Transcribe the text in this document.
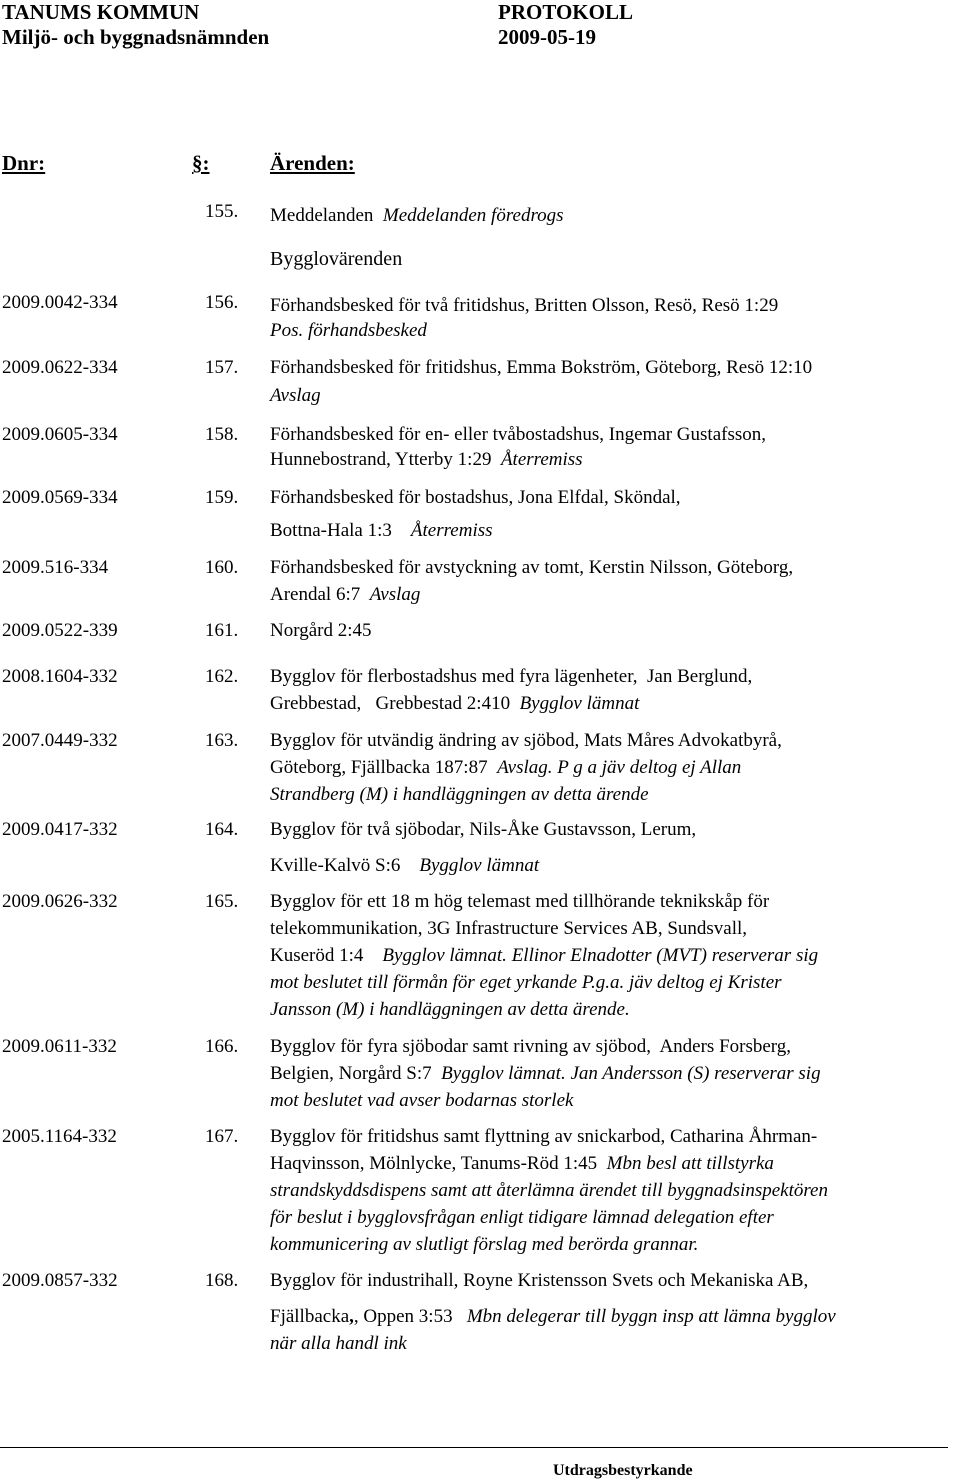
TANUMS KOMMUN
Miljö- och byggnadsnämnden
PROTOKOLL
2009-05-19
Dnr:	§:	Ärenden:
155. Meddelanden Meddelanden föredrogs
Bygglovärenden
2009.0042-334	156. Förhandsbesked för två fritidshus, Britten Olsson, Resö, Resö 1:29
Pos. förhandsbesked
2009.0622-334	157. Förhandsbesked för fritidshus, Emma Bokström, Göteborg, Resö 12:10
Avslag
2009.0605-334	158. Förhandsbesked för en- eller tvåbostadshus, Ingemar Gustafsson,
Hunnebostrand, Ytterby 1:29 Återremiss
2009.0569-334	159. Förhandsbesked för bostadshus, Jona Elfdal, Sköndal,
Bottna-Hala 1:3 Återremiss
2009.516-334	160. Förhandsbesked för avstyckning av tomt, Kerstin Nilsson, Göteborg,
Arendal 6:7 Avslag
2009.0522-339	161. Norgård 2:45
2008.1604-332	162. Bygglov för flerbostadshus med fyra lägenheter,  Jan Berglund,
Grebbestad,   Grebbestad 2:410 Bygglov lämnat
2007.0449-332	163. Bygglov för utvändig ändring av sjöbod, Mats Måres Advokatbyrå,
Göteborg, Fjällbacka 187:87 Avslag. P g a jäv deltog ej Allan
Strandberg (M) i handläggningen av detta ärende
2009.0417-332	164. Bygglov för två sjöbodar, Nils-Åke Gustavsson, Lerum,
Kville-Kalvö S:6 Bygglov lämnat
2009.0626-332	165. Bygglov för ett 18 m hög telemast med tillhörande teknikskåp för
telekommunikation, 3G Infrastructure Services AB, Sundsvall,
Kuseröd 1:4 Bygglov lämnat. Ellinor Elnadotter (MVT) reserverar sig
mot beslutet till förmån för eget yrkande P.g.a. jäv deltog ej Krister
Jansson (M) i handläggningen av detta ärende.
2009.0611-332	166. Bygglov för fyra sjöbodar samt rivning av sjöbod,  Anders Forsberg,
Belgien, Norgård S:7 Bygglov lämnat. Jan Andersson (S) reserverar sig
mot beslutet vad avser bodarnas storlek
2005.1164-332	167. Bygglov för fritidshus samt flyttning av snickarbod, Catharina Åhrman-
Haqvinsson, Mölnlycke, Tanums-Röd 1:45 Mbn besl att tillstyrka
strandskyddsdispens samt att återlämna ärendet till byggnadsinspektören
för beslut i bygglovsfrågan enligt tidigare lämnad delegation efter
kommunicering av slutligt förslag med berörda grannar.
2009.0857-332	168. Bygglov för industrihall, Royne Kristensson Svets och Mekaniska AB,
Fjällbacka,, Oppen 3:53 Mbn delegerar till byggn insp att lämna bygglov
när alla handl ink
Utdragsbestyrkande
